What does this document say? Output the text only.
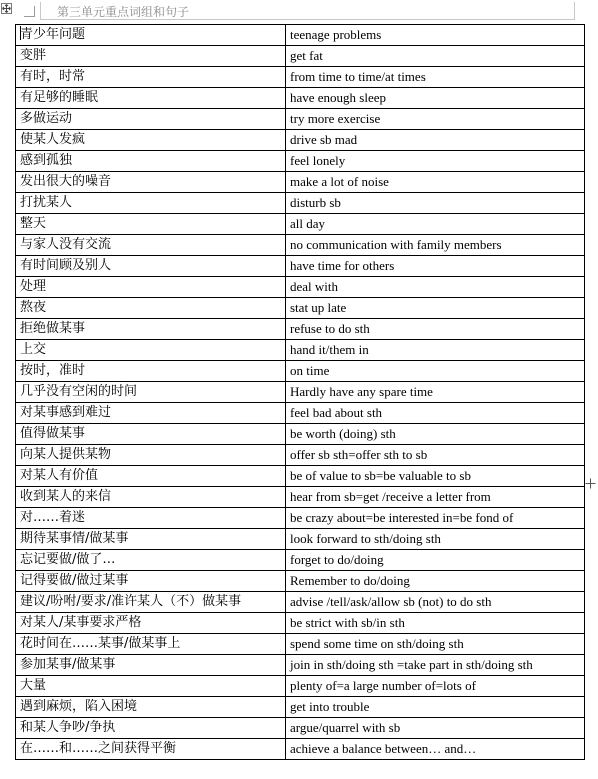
第三单元重点词组和句子
青少年问题	teenage problems
变胖	get fat
有时，时常	from time to time/at times
有足够的睡眠	have enough sleep
多做运动	try more exercise
使某人发疯	drive sb mad
感到孤独	feel lonely
发出很大的噪音	make a lot of noise
打扰某人	disturb sb
整天	all day
与家人没有交流	no communication with family members
有时间顾及别人	have time for others
处理	deal with
熬夜	stat up late
拒绝做某事	refuse to do sth
上交	hand it/them in
按时，准时	on time
几乎没有空闲的时间	Hardly have any spare time
对某事感到难过	feel bad about sth
值得做某事	be worth (doing) sth
向某人提供某物	offer sb sth=offer sth to sb
对某人有价值	be of value to sb=be valuable to sb
收到某人的来信	hear from sb=get /receive a letter from
对……着迷	be crazy about=be interested in=be fond of
期待某事情/做某事	look forward to sth/doing sth
忘记要做/做了…	forget to do/doing
记得要做/做过某事	Remember to do/doing
建议/吩咐/要求/准许某人（不）做某事	advise /tell/ask/allow sb (not) to do sth
对某人/某事要求严格	be strict with sb/in sth
花时间在……某事/做某事上	spend some time on sth/doing sth
参加某事/做某事	join in sth/doing sth =take part in sth/doing sth
大量	plenty of=a large number of=lots of
遇到麻烦，陷入困境	get into trouble
和某人争吵/争执	argue/quarrel with sb
在……和……之间获得平衡	achieve a balance between… and…
